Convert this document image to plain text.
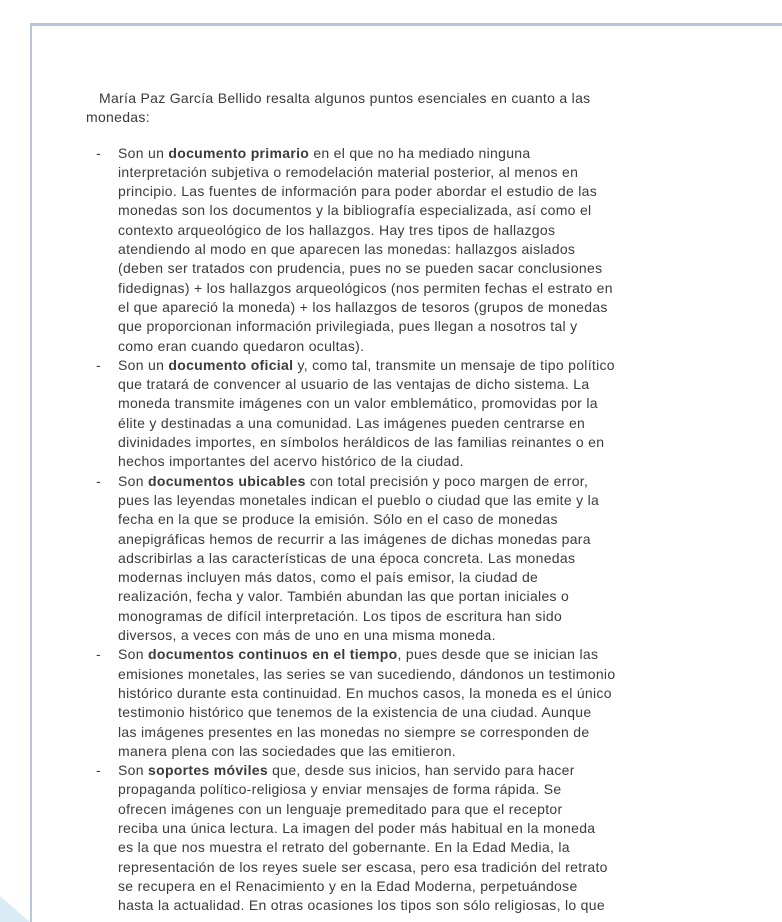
María Paz García Bellido resalta algunos puntos esenciales en cuanto a las
monedas:
- Son un documento primario en el que no ha mediado ninguna
interpretación subjetiva o remodelación material posterior, al menos en
principio. Las fuentes de información para poder abordar el estudio de las
monedas son los documentos y la bibliografía especializada, así como el
contexto arqueológico de los hallazgos. Hay tres tipos de hallazgos
atendiendo al modo en que aparecen las monedas: hallazgos aislados
(deben ser tratados con prudencia, pues no se pueden sacar conclusiones
fidedignas) + los hallazgos arqueológicos (nos permiten fechas el estrato en
el que apareció la moneda) + los hallazgos de tesoros (grupos de monedas
que proporcionan información privilegiada, pues llegan a nosotros tal y
como eran cuando quedaron ocultas).
- Son un documento oficial y, como tal, transmite un mensaje de tipo político
que tratará de convencer al usuario de las ventajas de dicho sistema. La
moneda transmite imágenes con un valor emblemático, promovidas por la
élite y destinadas a una comunidad. Las imágenes pueden centrarse en
divinidades importes, en símbolos heráldicos de las familias reinantes o en
hechos importantes del acervo histórico de la ciudad.
- Son documentos ubicables con total precisión y poco margen de error,
pues las leyendas monetales indican el pueblo o ciudad que las emite y la
fecha en la que se produce la emisión. Sólo en el caso de monedas
anepigráficas hemos de recurrir a las imágenes de dichas monedas para
adscribirlas a las características de una época concreta. Las monedas
modernas incluyen más datos, como el país emisor, la ciudad de
realización, fecha y valor. También abundan las que portan iniciales o
monogramas de difícil interpretación. Los tipos de escritura han sido
diversos, a veces con más de uno en una misma moneda.
- Son documentos continuos en el tiempo, pues desde que se inician las
emisiones monetales, las series se van sucediendo, dándonos un testimonio
histórico durante esta continuidad. En muchos casos, la moneda es el único
testimonio histórico que tenemos de la existencia de una ciudad. Aunque
las imágenes presentes en las monedas no siempre se corresponden de
manera plena con las sociedades que las emitieron.
- Son soportes móviles que, desde sus inicios, han servido para hacer
propaganda político-religiosa y enviar mensajes de forma rápida. Se
ofrecen imágenes con un lenguaje premeditado para que el receptor
reciba una única lectura. La imagen del poder más habitual en la moneda
es la que nos muestra el retrato del gobernante. En la Edad Media, la
representación de los reyes suele ser escasa, pero esa tradición del retrato
se recupera en el Renacimiento y en la Edad Moderna, perpetuándose
hasta la actualidad. En otras ocasiones los tipos son sólo religiosas, lo que
